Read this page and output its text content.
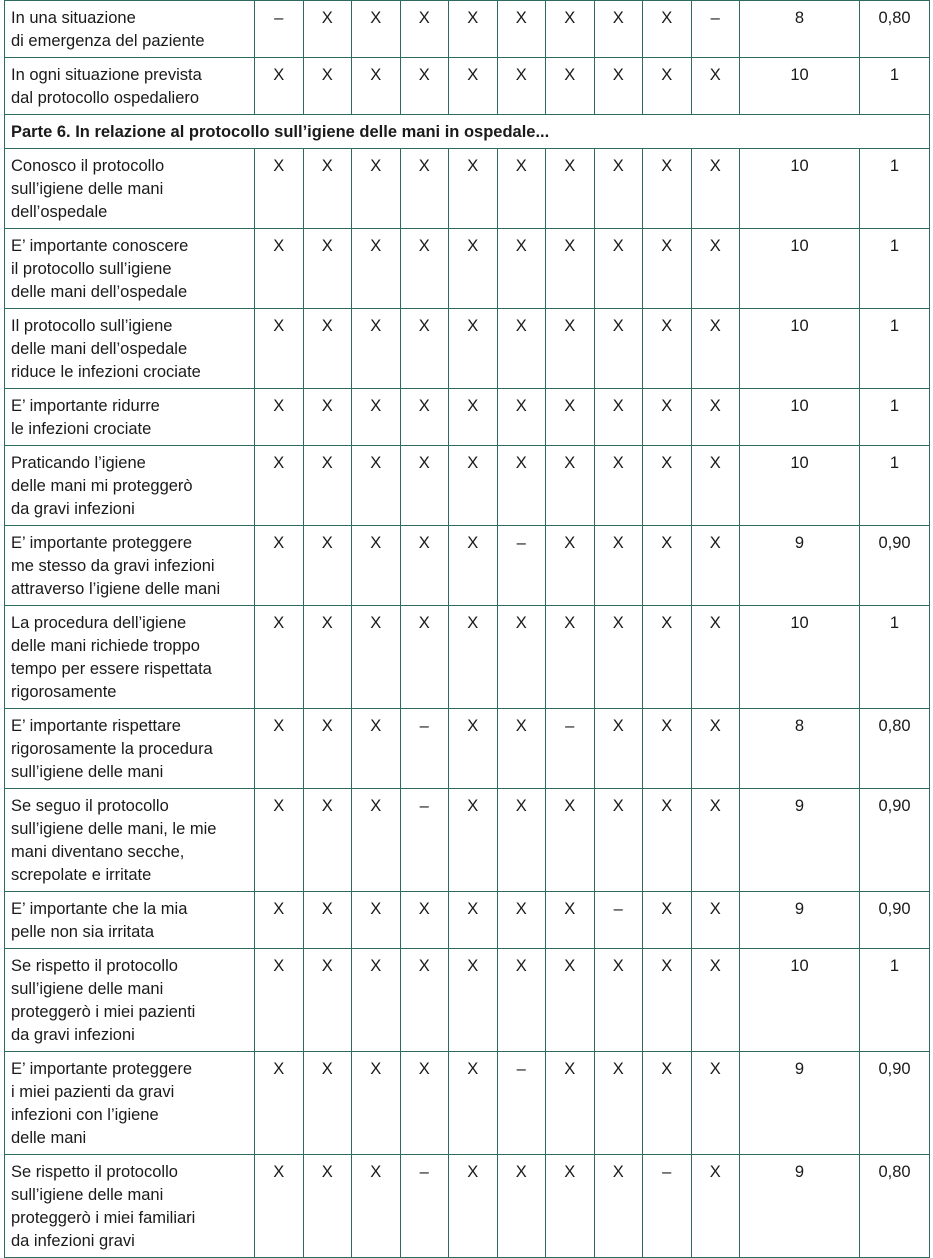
In una situazione
di emergenza del paziente	–	X	X	X	X	X	X	X	X	–	8	0,80
In ogni situazione prevista
dal protocollo ospedaliero	X	X	X	X	X	X	X	X	X	X	10	1
Parte 6. In relazione al protocollo sull’igiene delle mani in ospedale...												
Conosco il protocollo
sull’igiene delle mani
dell’ospedale	X	X	X	X	X	X	X	X	X	X	10	1
E’ importante conoscere
il protocollo sull’igiene
delle mani dell’ospedale	X	X	X	X	X	X	X	X	X	X	10	1
Il protocollo sull’igiene
delle mani dell’ospedale
riduce le infezioni crociate	X	X	X	X	X	X	X	X	X	X	10	1
E’ importante ridurre
le infezioni crociate	X	X	X	X	X	X	X	X	X	X	10	1
Praticando l’igiene
delle mani mi proteggerò
da gravi infezioni	X	X	X	X	X	X	X	X	X	X	10	1
E’ importante proteggere
me stesso da gravi infezioni
attraverso l’igiene delle mani	X	X	X	X	X	–	X	X	X	X	9	0,90
La procedura dell’igiene
delle mani richiede troppo
tempo per essere rispettata
rigorosamente	X	X	X	X	X	X	X	X	X	X	10	1
E’ importante rispettare
rigorosamente la procedura
sull’igiene delle mani	X	X	X	–	X	X	–	X	X	X	8	0,80
Se seguo il protocollo
sull’igiene delle mani, le mie
mani diventano secche,
screpolate e irritate	X	X	X	–	X	X	X	X	X	X	9	0,90
E’ importante che la mia
pelle non sia irritata	X	X	X	X	X	X	X	–	X	X	9	0,90
Se rispetto il protocollo
sull’igiene delle mani
proteggerò i miei pazienti
da gravi infezioni	X	X	X	X	X	X	X	X	X	X	10	1
E’ importante proteggere
i miei pazienti da gravi
infezioni con l’igiene
delle mani	X	X	X	X	X	–	X	X	X	X	9	0,90
Se rispetto il protocollo
sull’igiene delle mani
proteggerò i miei familiari
da infezioni gravi	X	X	X	–	X	X	X	X	–	X	9	0,80
